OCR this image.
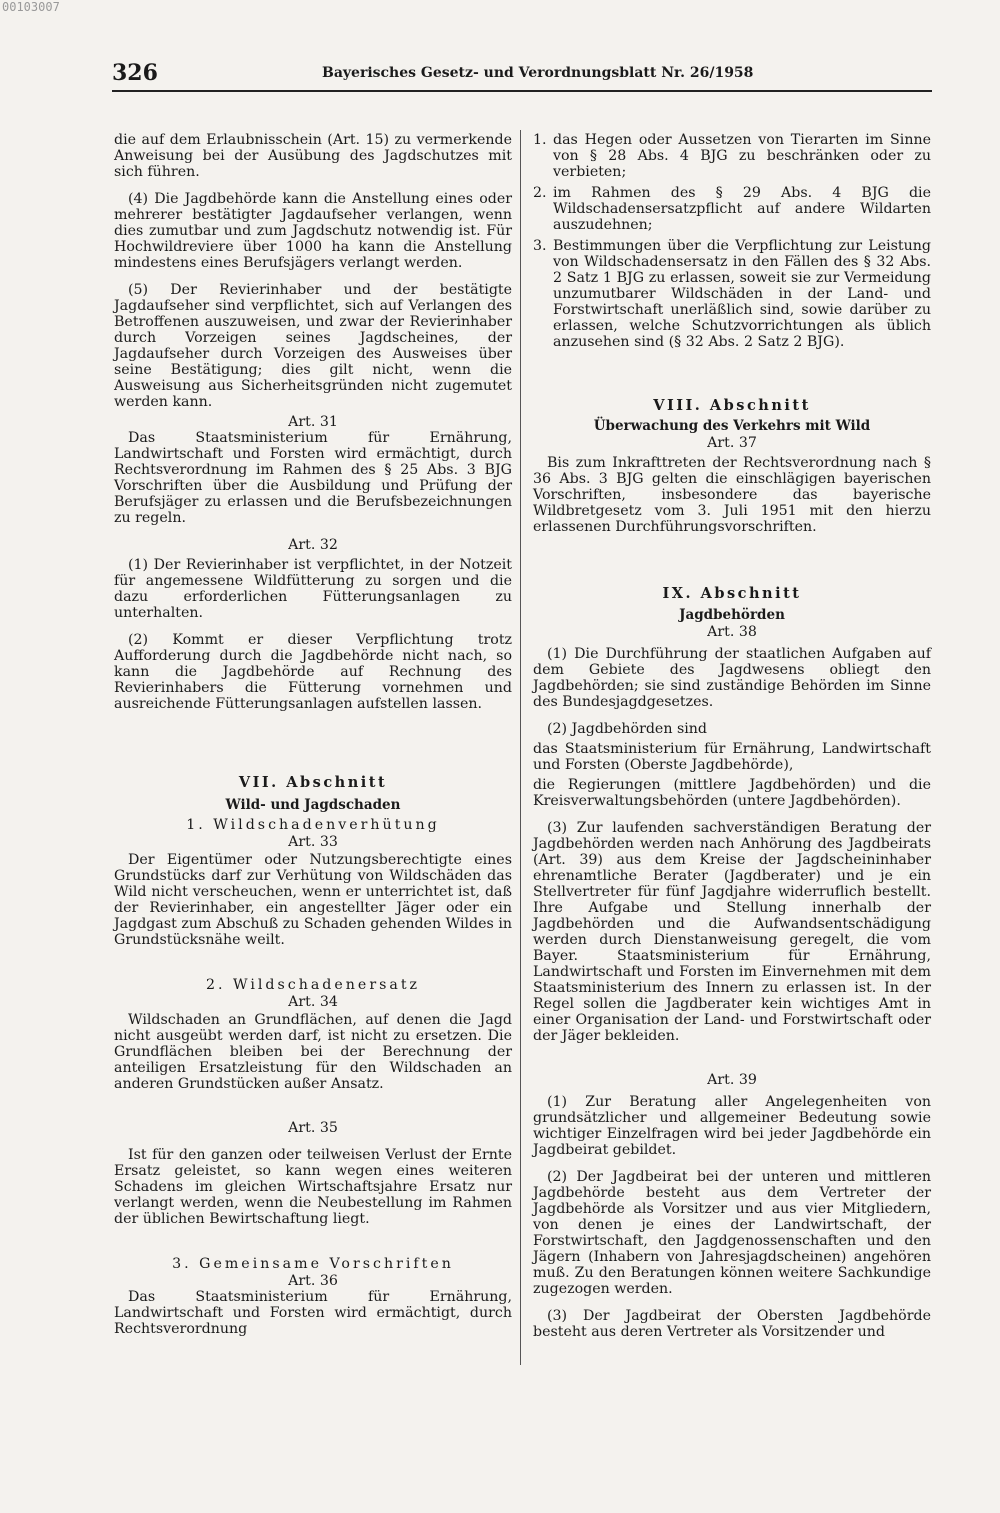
00103007
326	Bayerisches Gesetz- und Verordnungsblatt Nr. 26/1958

die auf dem Erlaubnisschein (Art. 15) zu vermerkende Anweisung bei der Ausübung des Jagdschutzes mit sich führen.

(4) Die Jagdbehörde kann die Anstellung eines oder mehrerer bestätigter Jagdaufseher verlangen, wenn dies zumutbar und zum Jagdschutz notwendig ist. Für Hochwildreviere über 1000 ha kann die Anstellung mindestens eines Berufsjägers verlangt werden.

(5) Der Revierinhaber und der bestätigte Jagdaufseher sind verpflichtet, sich auf Verlangen des Betroffenen auszuweisen, und zwar der Revierinhaber durch Vorzeigen seines Jagdscheines, der Jagdaufseher durch Vorzeigen des Ausweises über seine Bestätigung; dies gilt nicht, wenn die Ausweisung aus Sicherheitsgründen nicht zugemutet werden kann.

Art. 31

Das Staatsministerium für Ernährung, Landwirtschaft und Forsten wird ermächtigt, durch Rechtsverordnung im Rahmen des § 25 Abs. 3 BJG Vorschriften über die Ausbildung und Prüfung der Berufsjäger zu erlassen und die Berufsbezeichnungen zu regeln.

Art. 32

(1) Der Revierinhaber ist verpflichtet, in der Notzeit für angemessene Wildfütterung zu sorgen und die dazu erforderlichen Fütterungsanlagen zu unterhalten.

(2) Kommt er dieser Verpflichtung trotz Aufforderung durch die Jagdbehörde nicht nach, so kann die Jagdbehörde auf Rechnung des Revierinhabers die Fütterung vornehmen und ausreichende Fütterungsanlagen aufstellen lassen.

VII. Abschnitt

Wild- und Jagdschaden

1. Wildschadenverhütung

Art. 33

Der Eigentümer oder Nutzungsberechtigte eines Grundstücks darf zur Verhütung von Wildschäden das Wild nicht verscheuchen, wenn er unterrichtet ist, daß der Revierinhaber, ein angestellter Jäger oder ein Jagdgast zum Abschuß zu Schaden gehenden Wildes in Grundstücksnähe weilt.

2. Wildschadenersatz

Art. 34

Wildschaden an Grundflächen, auf denen die Jagd nicht ausgeübt werden darf, ist nicht zu ersetzen. Die Grundflächen bleiben bei der Berechnung der anteiligen Ersatzleistung für den Wildschaden an anderen Grundstücken außer Ansatz.

Art. 35

Ist für den ganzen oder teilweisen Verlust der Ernte Ersatz geleistet, so kann wegen eines weiteren Schadens im gleichen Wirtschaftsjahre Ersatz nur verlangt werden, wenn die Neubestellung im Rahmen der üblichen Bewirtschaftung liegt.

3. Gemeinsame Vorschriften

Art. 36

Das Staatsministerium für Ernährung, Landwirtschaft und Forsten wird ermächtigt, durch Rechtsverordnung

1. das Hegen oder Aussetzen von Tierarten im Sinne von § 28 Abs. 4 BJG zu beschränken oder zu verbieten;
2. im Rahmen des § 29 Abs. 4 BJG die Wildschadensersatzpflicht auf andere Wildarten auszudehnen;
3. Bestimmungen über die Verpflichtung zur Leistung von Wildschadensersatz in den Fällen des § 32 Abs. 2 Satz 1 BJG zu erlassen, soweit sie zur Vermeidung unzumutbarer Wildschäden in der Land- und Forstwirtschaft unerläßlich sind, sowie darüber zu erlassen, welche Schutzvorrichtungen als üblich anzusehen sind (§ 32 Abs. 2 Satz 2 BJG).

VIII. Abschnitt

Überwachung des Verkehrs mit Wild

Art. 37

Bis zum Inkrafttreten der Rechtsverordnung nach § 36 Abs. 3 BJG gelten die einschlägigen bayerischen Vorschriften, insbesondere das bayerische Wildbretgesetz vom 3. Juli 1951 mit den hierzu erlassenen Durchführungsvorschriften.

IX. Abschnitt

Jagdbehörden

Art. 38

(1) Die Durchführung der staatlichen Aufgaben auf dem Gebiete des Jagdwesens obliegt den Jagdbehörden; sie sind zuständige Behörden im Sinne des Bundesjagdgesetzes.

(2) Jagdbehörden sind

das Staatsministerium für Ernährung, Landwirtschaft und Forsten (Oberste Jagdbehörde),

die Regierungen (mittlere Jagdbehörden) und die Kreisverwaltungsbehörden (untere Jagdbehörden).

(3) Zur laufenden sachverständigen Beratung der Jagdbehörden werden nach Anhörung des Jagdbeirats (Art. 39) aus dem Kreise der Jagdscheininhaber ehrenamtliche Berater (Jagdberater) und je ein Stellvertreter für fünf Jagdjahre widerruflich bestellt. Ihre Aufgabe und Stellung innerhalb der Jagdbehörden und die Aufwandsentschädigung werden durch Dienstanweisung geregelt, die vom Bayer. Staatsministerium für Ernährung, Landwirtschaft und Forsten im Einvernehmen mit dem Staatsministerium des Innern zu erlassen ist. In der Regel sollen die Jagdberater kein wichtiges Amt in einer Organisation der Land- und Forstwirtschaft oder der Jäger bekleiden.

Art. 39

(1) Zur Beratung aller Angelegenheiten von grundsätzlicher und allgemeiner Bedeutung sowie wichtiger Einzelfragen wird bei jeder Jagdbehörde ein Jagdbeirat gebildet.

(2) Der Jagdbeirat bei der unteren und mittleren Jagdbehörde besteht aus dem Vertreter der Jagdbehörde als Vorsitzer und aus vier Mitgliedern, von denen je eines der Landwirtschaft, der Forstwirtschaft, den Jagdgenossenschaften und den Jägern (Inhabern von Jahresjagdscheinen) angehören muß. Zu den Beratungen können weitere Sachkundige zugezogen werden.

(3) Der Jagdbeirat der Obersten Jagdbehörde besteht aus deren Vertreter als Vorsitzender und
